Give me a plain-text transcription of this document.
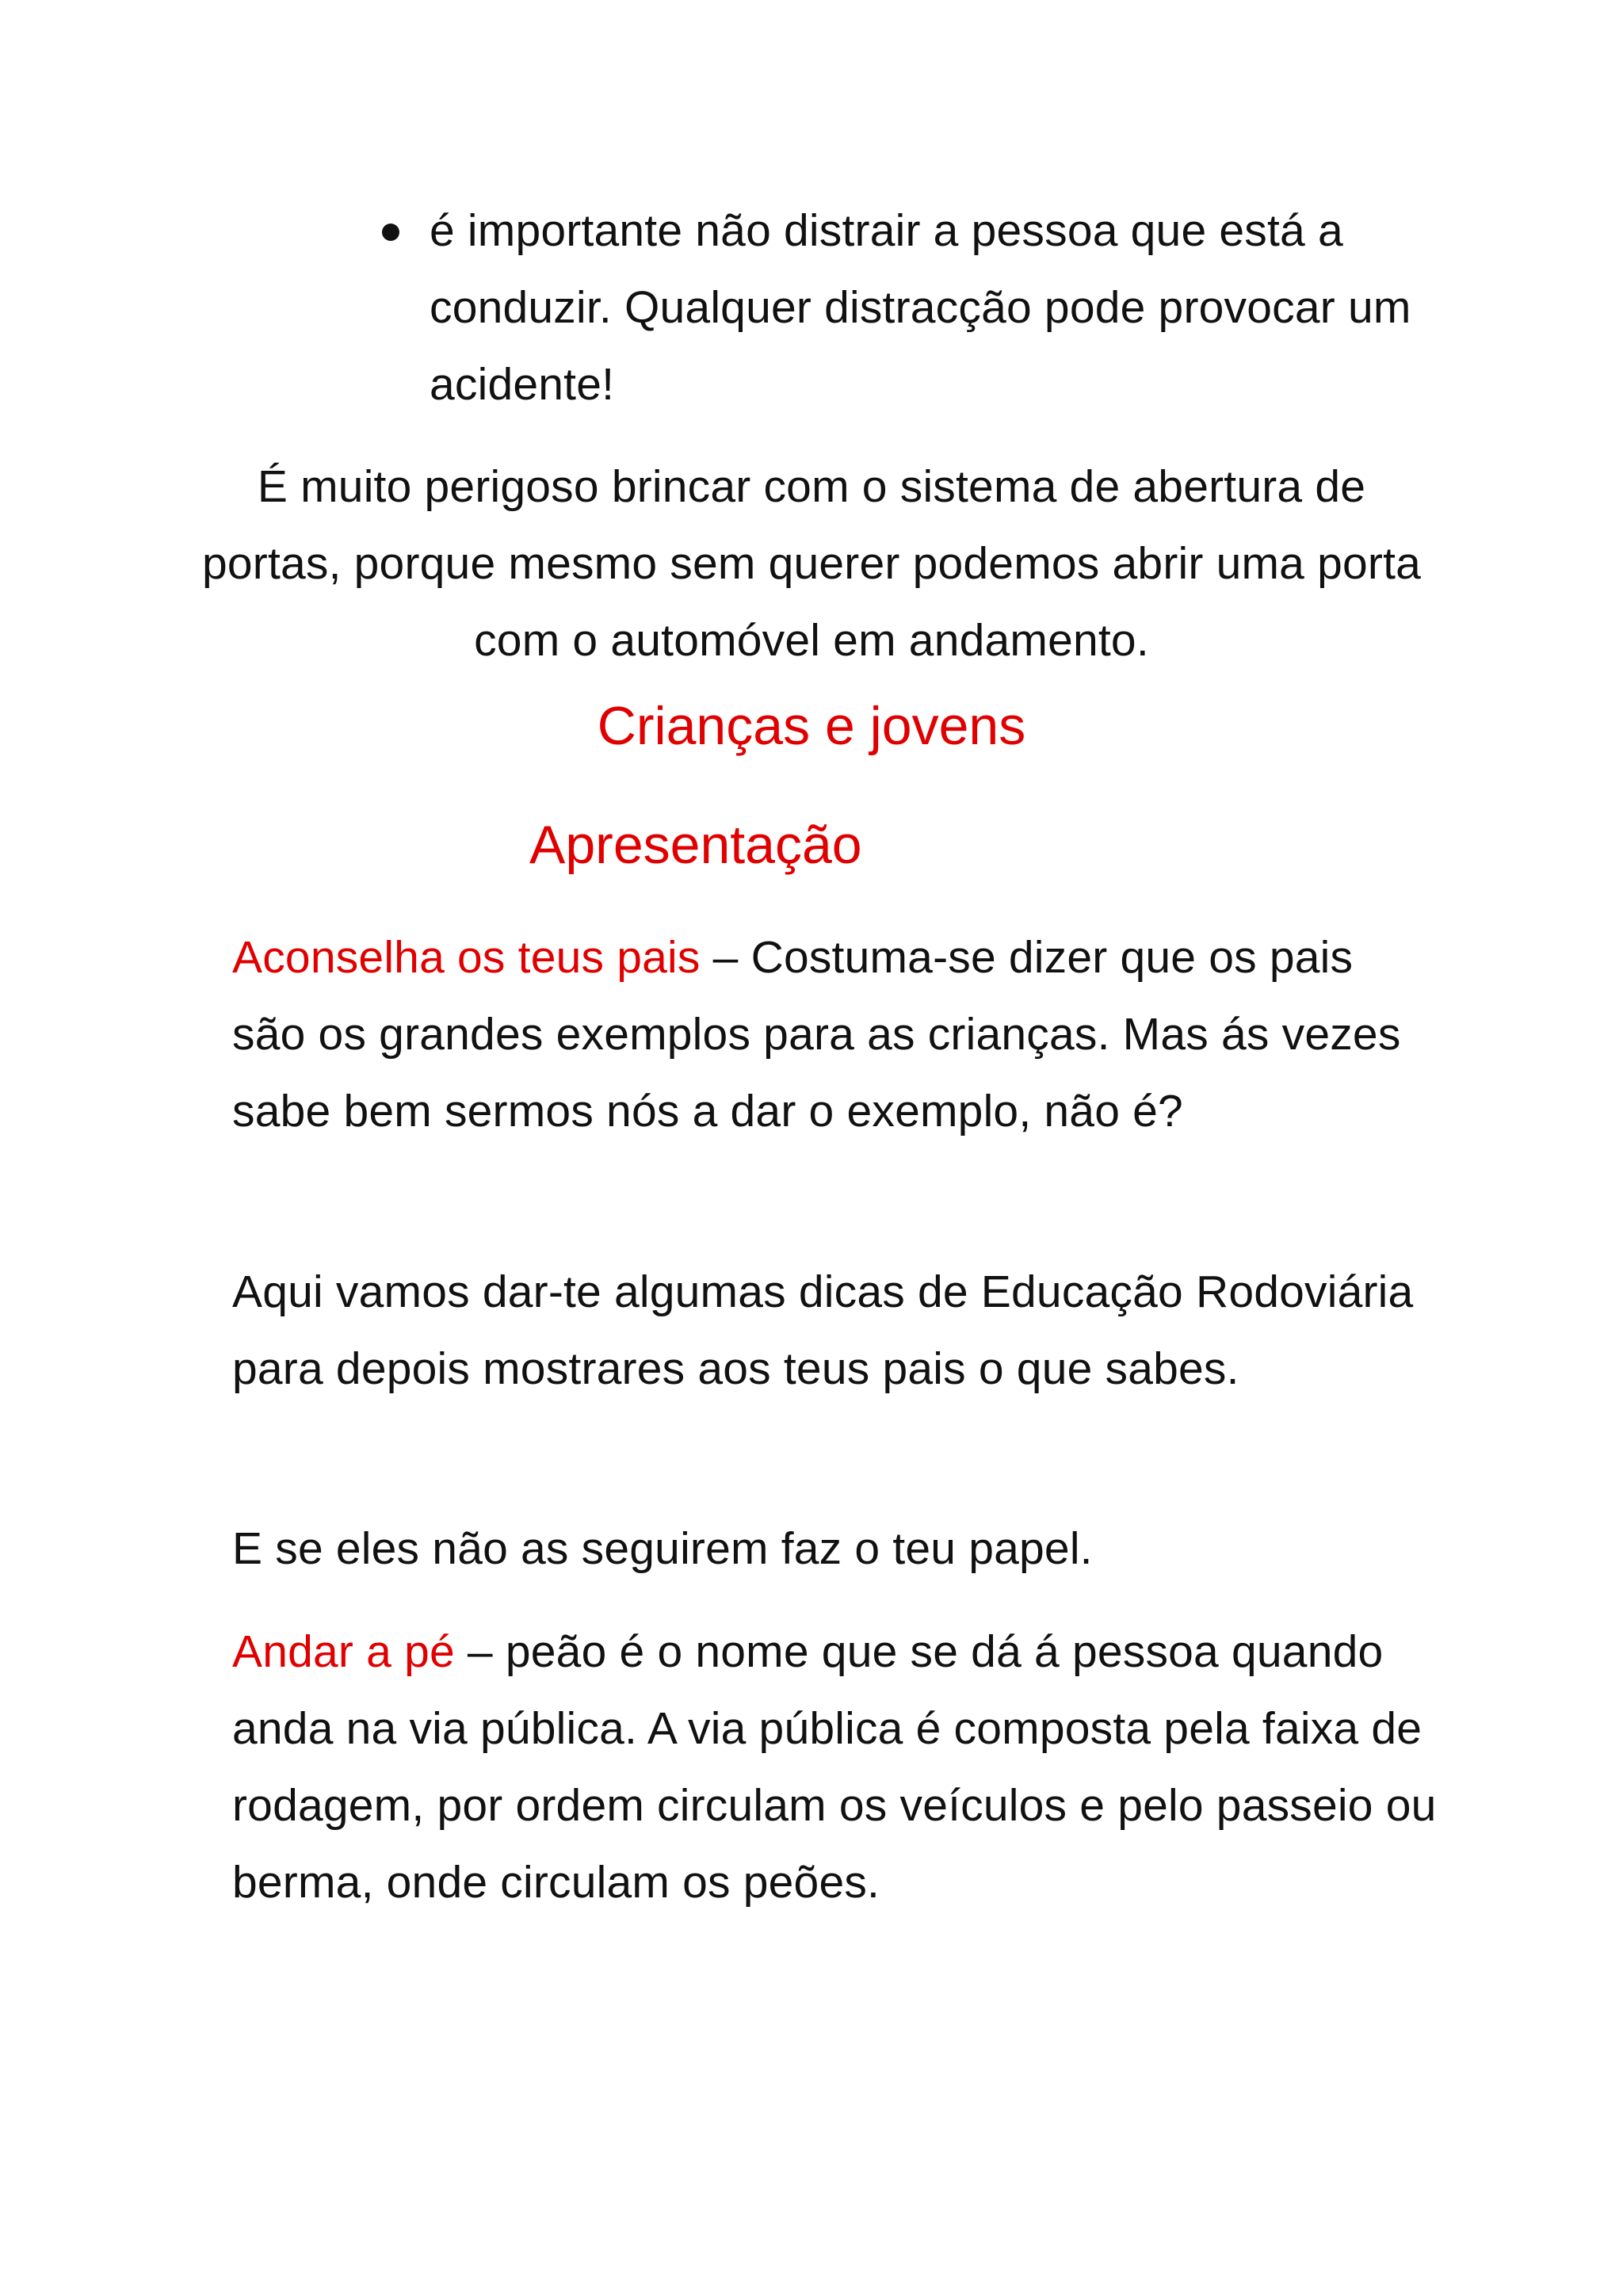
é importante não distrair a pessoa que está a conduzir. Qualquer distracção pode provocar um acidente!
É muito perigoso brincar com o sistema de abertura de portas, porque mesmo sem querer podemos abrir uma porta com o automóvel em andamento.
Crianças e jovens
Apresentação
Aconselha os teus pais – Costuma-se dizer que os pais são os grandes exemplos para as crianças. Mas ás vezes sabe bem sermos nós a dar o exemplo, não é?
Aqui vamos dar-te algumas dicas de Educação Rodoviária para depois mostrares aos teus pais o que sabes.
E se eles não as seguirem faz o teu papel.
Andar a pé – peão é o nome que se dá á pessoa quando anda na via pública. A via pública é composta pela faixa de rodagem, por ordem circulam os veículos e pelo passeio ou berma, onde circulam os peões.
